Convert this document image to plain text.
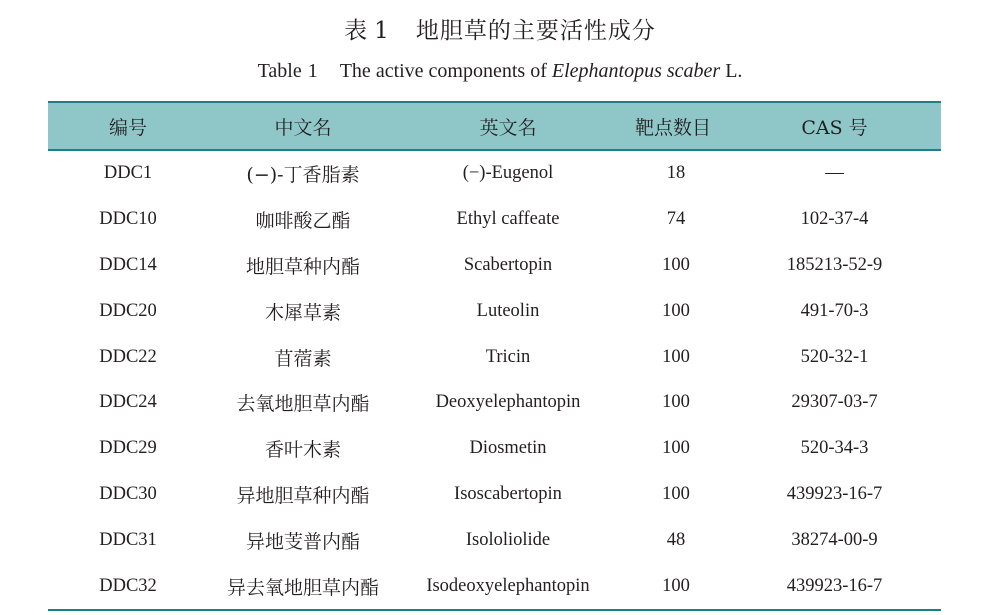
表 1 地胆草的主要活性成分
Table 1 The active components of Elephantopus scaber L.
编号	中文名	英文名	靶点数目	CAS 号
DDC1	(−)-丁香脂素	(−)-Eugenol	18	—
DDC10	咖啡酸乙酯	Ethyl caffeate	74	102-37-4
DDC14	地胆草种内酯	Scabertopin	100	185213-52-9
DDC20	木犀草素	Luteolin	100	491-70-3
DDC22	苜蓿素	Tricin	100	520-32-1
DDC24	去氧地胆草内酯	Deoxyelephantopin	100	29307-03-7
DDC29	香叶木素	Diosmetin	100	520-34-3
DDC30	异地胆草种内酯	Isoscabertopin	100	439923-16-7
DDC31	异地芰普内酯	Isololiolide	48	38274-00-9
DDC32	异去氧地胆草内酯	Isodeoxyelephantopin	100	439923-16-7
